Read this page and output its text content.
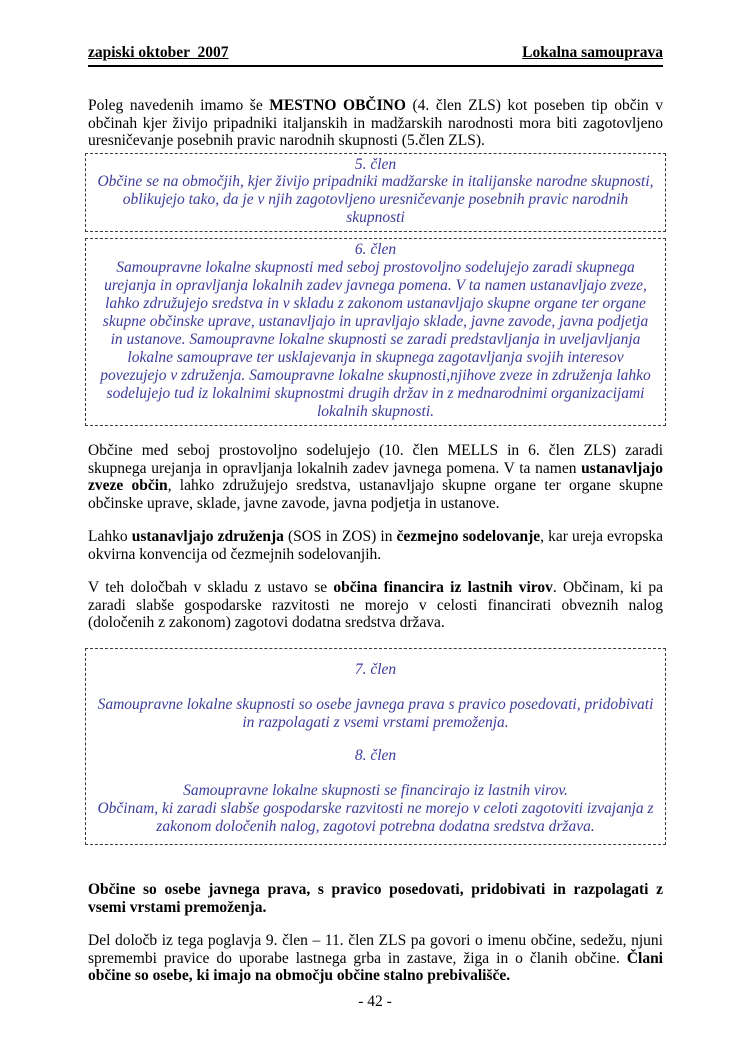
zapiski oktober  2007	Lokalna samouprava

Poleg navedenih imamo še MESTNO OBČINO (4. člen ZLS) kot poseben tip občin v občinah kjer živijo pripadniki italjanskih in madžarskih narodnosti mora biti zagotovljeno uresničevanje posebnih pravic narodnih skupnosti (5.člen ZLS).

5. člen
Občine se na območjih, kjer živijo pripadniki madžarske in italijanske narodne skupnosti, oblikujejo tako, da je v njih zagotovljeno uresničevanje posebnih pravic narodnih skupnosti
6. člen
Samoupravne lokalne skupnosti med seboj prostovoljno sodelujejo zaradi skupnega urejanja in opravljanja lokalnih zadev javnega pomena. V ta namen ustanavljajo zveze, lahko združujejo sredstva in v skladu z zakonom ustanavljajo skupne organe ter organe skupne občinske uprave, ustanavljajo in upravljajo sklade, javne zavode, javna podjetja in ustanove. Samoupravne lokalne skupnosti se zaradi predstavljanja in uveljavljanja lokalne samouprave ter usklajevanja in skupnega zagotavljanja svojih interesov povezujejo v združenja. Samoupravne lokalne skupnosti,njihove zveze in združenja lahko sodelujejo tud iz lokalnimi skupnostmi drugih držav in z mednarodnimi organizacijami lokalnih skupnosti.

Občine med seboj prostovoljno sodelujejo (10. člen MELLS in 6. člen ZLS) zaradi skupnega urejanja in opravljanja lokalnih zadev javnega pomena. V ta namen ustanavljajo zveze občin, lahko združujejo sredstva, ustanavljajo skupne organe ter organe skupne občinske uprave, sklade, javne zavode, javna podjetja in ustanove.

Lahko ustanavljajo združenja (SOS in ZOS) in čezmejno sodelovanje, kar ureja evropska okvirna konvencija od čezmejnih sodelovanjih.

V teh določbah v skladu z ustavo se občina financira iz lastnih virov. Občinam, ki pa zaradi slabše gospodarske razvitosti ne morejo v celosti financirati obveznih nalog (določenih z zakonom) zagotovi dodatna sredstva država.

7. člen
Samoupravne lokalne skupnosti so osebe javnega prava s pravico posedovati, pridobivati in razpolagati z vsemi vrstami premoženja.
8. člen
Samoupravne lokalne skupnosti se financirajo iz lastnih virov.
Občinam, ki zaradi slabše gospodarske razvitosti ne morejo v celoti zagotoviti izvajanja z zakonom določenih nalog, zagotovi potrebna dodatna sredstva država.

Občine so osebe javnega prava, s pravico posedovati, pridobivati in razpolagati z vsemi vrstami premoženja.

Del določb iz tega poglavja 9. člen – 11. člen ZLS pa govori o imenu občine, sedežu, njuni spremembi pravice do uporabe lastnega grba in zastave, žiga in o članih občine. Člani občine so osebe, ki imajo na območju občine stalno prebivališče.

- 42 -
